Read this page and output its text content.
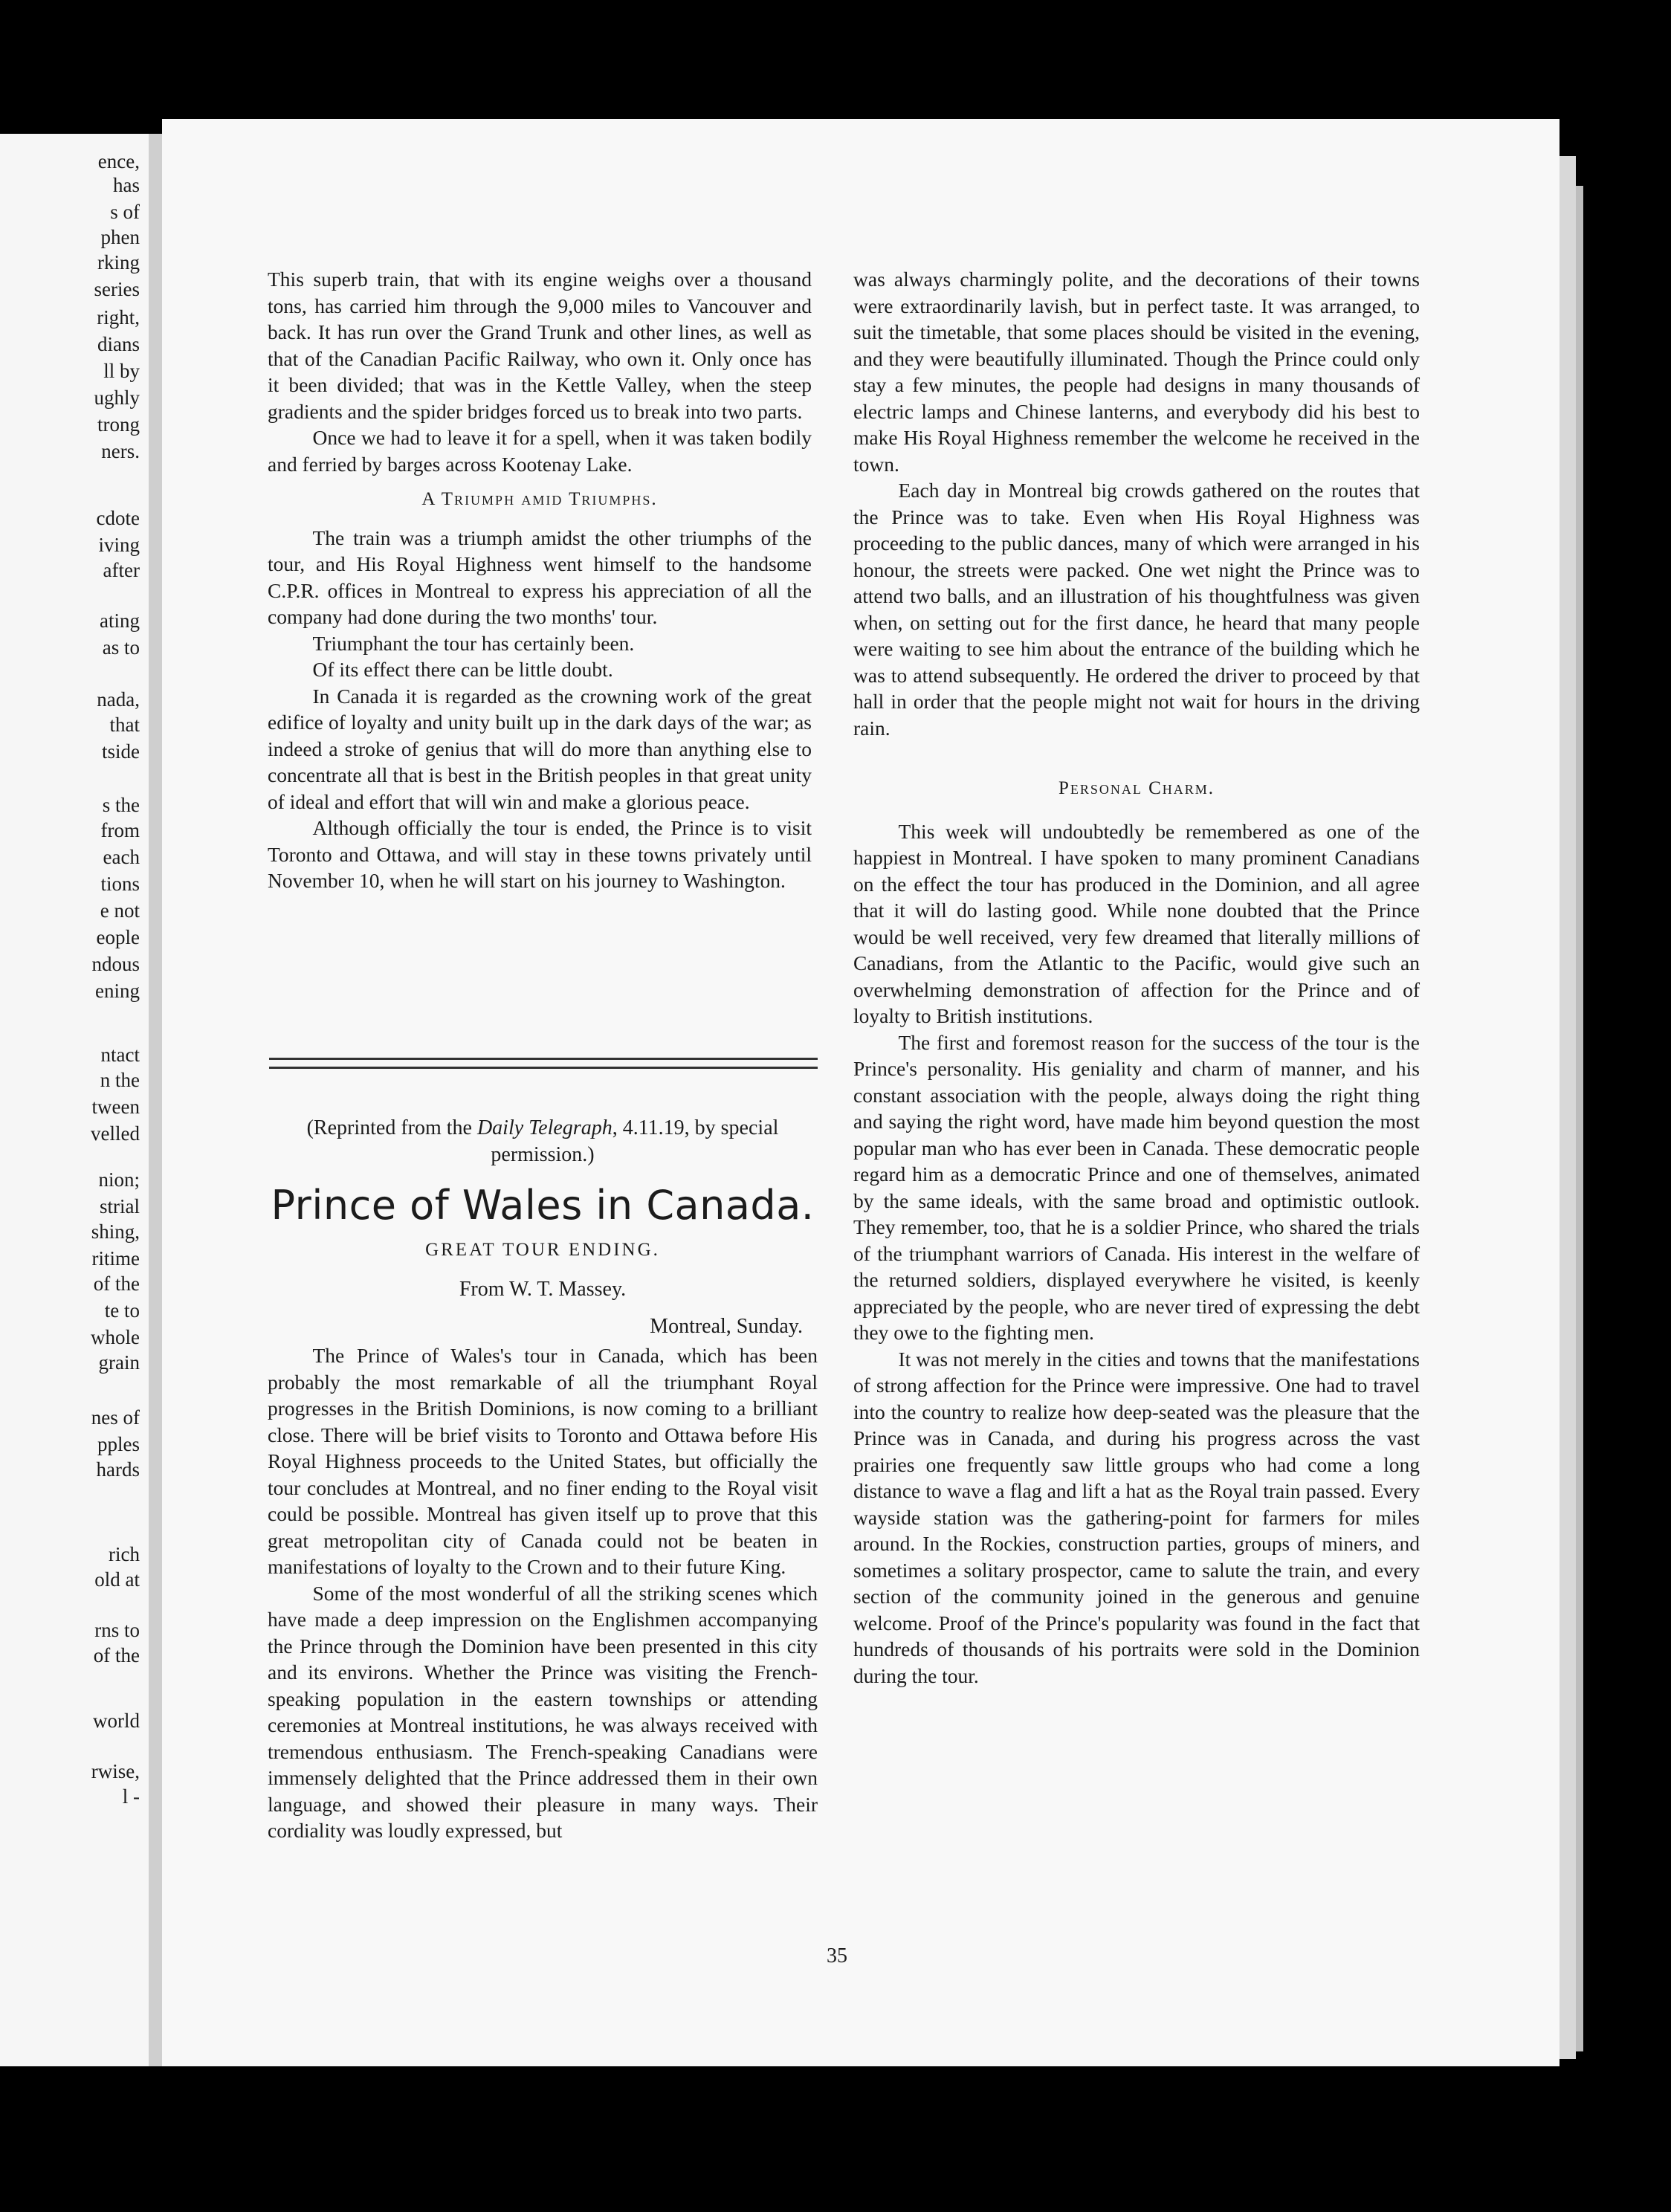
ence,
has
s of
phen
rking
series
right,
dians
ll by
ughly
trong
ners.
cdote
iving
after
ating
as to
nada,
that
tside
s the
from
each
tions
e not
eople
ndous
ening
ntact
n the
tween
velled
nion;
strial
shing,
ritime
of the
te to
whole
grain
nes of
pples
hards
rich
old at
rns to
of the
world
rwise,
l -

This superb train, that with its engine weighs over a thousand tons, has carried him through the 9,000 miles to Vancouver and back. It has run over the Grand Trunk and other lines, as well as that of the Canadian Pacific Railway, who own it. Only once has it been divided; that was in the Kettle Valley, when the steep gradients and the spider bridges forced us to break into two parts.

Once we had to leave it for a spell, when it was taken bodily and ferried by barges across Kootenay Lake.

A Triumph amid Triumphs.

The train was a triumph amidst the other triumphs of the tour, and His Royal Highness went himself to the handsome C.P.R. offices in Montreal to express his appreciation of all the company had done during the two months' tour.

Triumphant the tour has certainly been.

Of its effect there can be little doubt.

In Canada it is regarded as the crowning work of the great edifice of loyalty and unity built up in the dark days of the war; as indeed a stroke of genius that will do more than anything else to concentrate all that is best in the British peoples in that great unity of ideal and effort that will win and make a glorious peace.

Although officially the tour is ended, the Prince is to visit Toronto and Ottawa, and will stay in these towns privately until November 10, when he will start on his journey to Washington.

(Reprinted from the Daily Telegraph, 4.11.19, by special permission.)
Prince of Wales in Canada.
GREAT TOUR ENDING.
From W. T. Massey.
Montreal, Sunday.

The Prince of Wales's tour in Canada, which has been probably the most remarkable of all the triumphant Royal progresses in the British Dominions, is now coming to a brilliant close. There will be brief visits to Toronto and Ottawa before His Royal Highness proceeds to the United States, but officially the tour concludes at Montreal, and no finer ending to the Royal visit could be possible. Montreal has given itself up to prove that this great metropolitan city of Canada could not be beaten in manifestations of loyalty to the Crown and to their future King.

Some of the most wonderful of all the striking scenes which have made a deep impression on the Englishmen accompanying the Prince through the Dominion have been presented in this city and its environs. Whether the Prince was visiting the French-speaking population in the eastern townships or attending ceremonies at Montreal institutions, he was always received with tremendous enthusiasm. The French-speaking Canadians were immensely delighted that the Prince addressed them in their own language, and showed their pleasure in many ways. Their cordiality was loudly expressed, but

was always charmingly polite, and the decorations of their towns were extraordinarily lavish, but in perfect taste. It was arranged, to suit the timetable, that some places should be visited in the evening, and they were beautifully illuminated. Though the Prince could only stay a few minutes, the people had designs in many thousands of electric lamps and Chinese lanterns, and everybody did his best to make His Royal Highness remember the welcome he received in the town.

Each day in Montreal big crowds gathered on the routes that the Prince was to take. Even when His Royal Highness was proceeding to the public dances, many of which were arranged in his honour, the streets were packed. One wet night the Prince was to attend two balls, and an illustration of his thoughtfulness was given when, on setting out for the first dance, he heard that many people were waiting to see him about the entrance of the building which he was to attend subsequently. He ordered the driver to proceed by that hall in order that the people might not wait for hours in the driving rain.

Personal Charm.

This week will undoubtedly be remembered as one of the happiest in Montreal. I have spoken to many prominent Canadians on the effect the tour has produced in the Dominion, and all agree that it will do lasting good. While none doubted that the Prince would be well received, very few dreamed that literally millions of Canadians, from the Atlantic to the Pacific, would give such an overwhelming demonstration of affection for the Prince and of loyalty to British institutions.

The first and foremost reason for the success of the tour is the Prince's personality. His geniality and charm of manner, and his constant association with the people, always doing the right thing and saying the right word, have made him beyond question the most popular man who has ever been in Canada. These democratic people regard him as a democratic Prince and one of themselves, animated by the same ideals, with the same broad and optimistic outlook. They remember, too, that he is a soldier Prince, who shared the trials of the triumphant warriors of Canada. His interest in the welfare of the returned soldiers, displayed everywhere he visited, is keenly appreciated by the people, who are never tired of expressing the debt they owe to the fighting men.

It was not merely in the cities and towns that the manifestations of strong affection for the Prince were impressive. One had to travel into the country to realize how deep-seated was the pleasure that the Prince was in Canada, and during his progress across the vast prairies one frequently saw little groups who had come a long distance to wave a flag and lift a hat as the Royal train passed. Every wayside station was the gathering-point for farmers for miles around. In the Rockies, construction parties, groups of miners, and sometimes a solitary prospector, came to salute the train, and every section of the community joined in the generous and genuine welcome. Proof of the Prince's popularity was found in the fact that hundreds of thousands of his portraits were sold in the Dominion during the tour.

35
